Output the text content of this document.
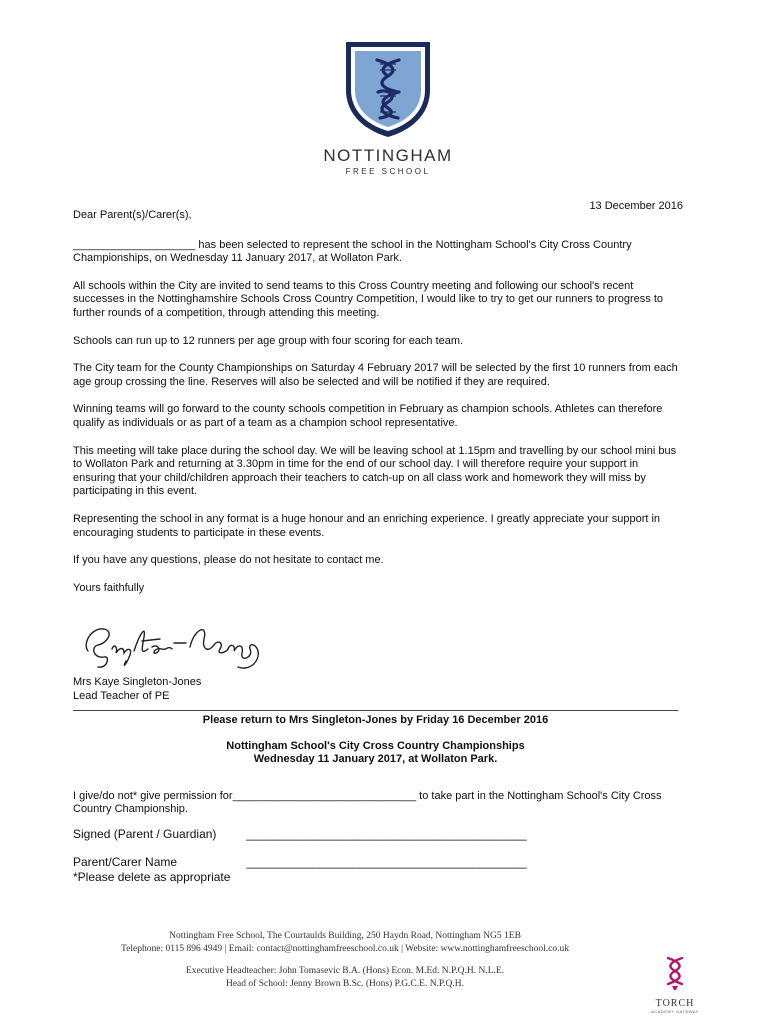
NOTTINGHAM
FREE SCHOOL
13 December 2016

Dear Parent(s)/Carer(s),

____________________ has been selected to represent the school in the Nottingham School's City Cross Country Championships, on Wednesday 11 January 2017, at Wollaton Park.

All schools within the City are invited to send teams to this Cross Country meeting and following our school's recent successes in the Nottinghamshire Schools Cross Country Competition, I would like to try to get our runners to progress to further rounds of a competition, through attending this meeting.

Schools can run up to 12 runners per age group with four scoring for each team.

The City team for the County Championships on Saturday 4 February 2017 will be selected by the first 10 runners from each age group crossing the line. Reserves will also be selected and will be notified if they are required.

Winning teams will go forward to the county schools competition in February as champion schools. Athletes can therefore qualify as individuals or as part of a team as a champion school representative.

This meeting will take place during the school day. We will be leaving school at 1.15pm and travelling by our school mini bus to Wollaton Park and returning at 3.30pm in time for the end of our school day. I will therefore require your support in ensuring that your child/children approach their teachers to catch-up on all class work and homework they will miss by participating in this event.

Representing the school in any format is a huge honour and an enriching experience. I greatly appreciate your support in encouraging students to participate in these events.

If you have any questions, please do not hesitate to contact me.

Yours faithfully

Mrs Kaye Singleton-Jones
Lead Teacher of PE
Please return to Mrs Singleton-Jones by Friday 16 December 2016
Nottingham School's City Cross Country Championships
Wednesday 11 January 2017, at Wollaton Park.
I give/do not* give permission for______________________________ to take part in the Nottingham School's City Cross Country Championship.
Signed (Parent / Guardian) __________________________________________
Parent/Carer Name	__________________________________________
*Please delete as appropriate
Nottingham Free School, The Courtaulds Building, 250 Haydn Road, Nottingham NG5 1EB
Telephone: 0115 896 4949 | Email: contact@nottinghamfreeschool.co.uk | Website: www.nottinghamfreeschool.co.uk
Executive Headteacher: John Tomasevic B.A. (Hons) Econ. M.Ed. N.P.Q.H. N.L.E.
Head of School: Jenny Brown B.Sc. (Hons) P.G.C.E. N.P.Q.H.
TORCH
ACADEMY GATEWAY
